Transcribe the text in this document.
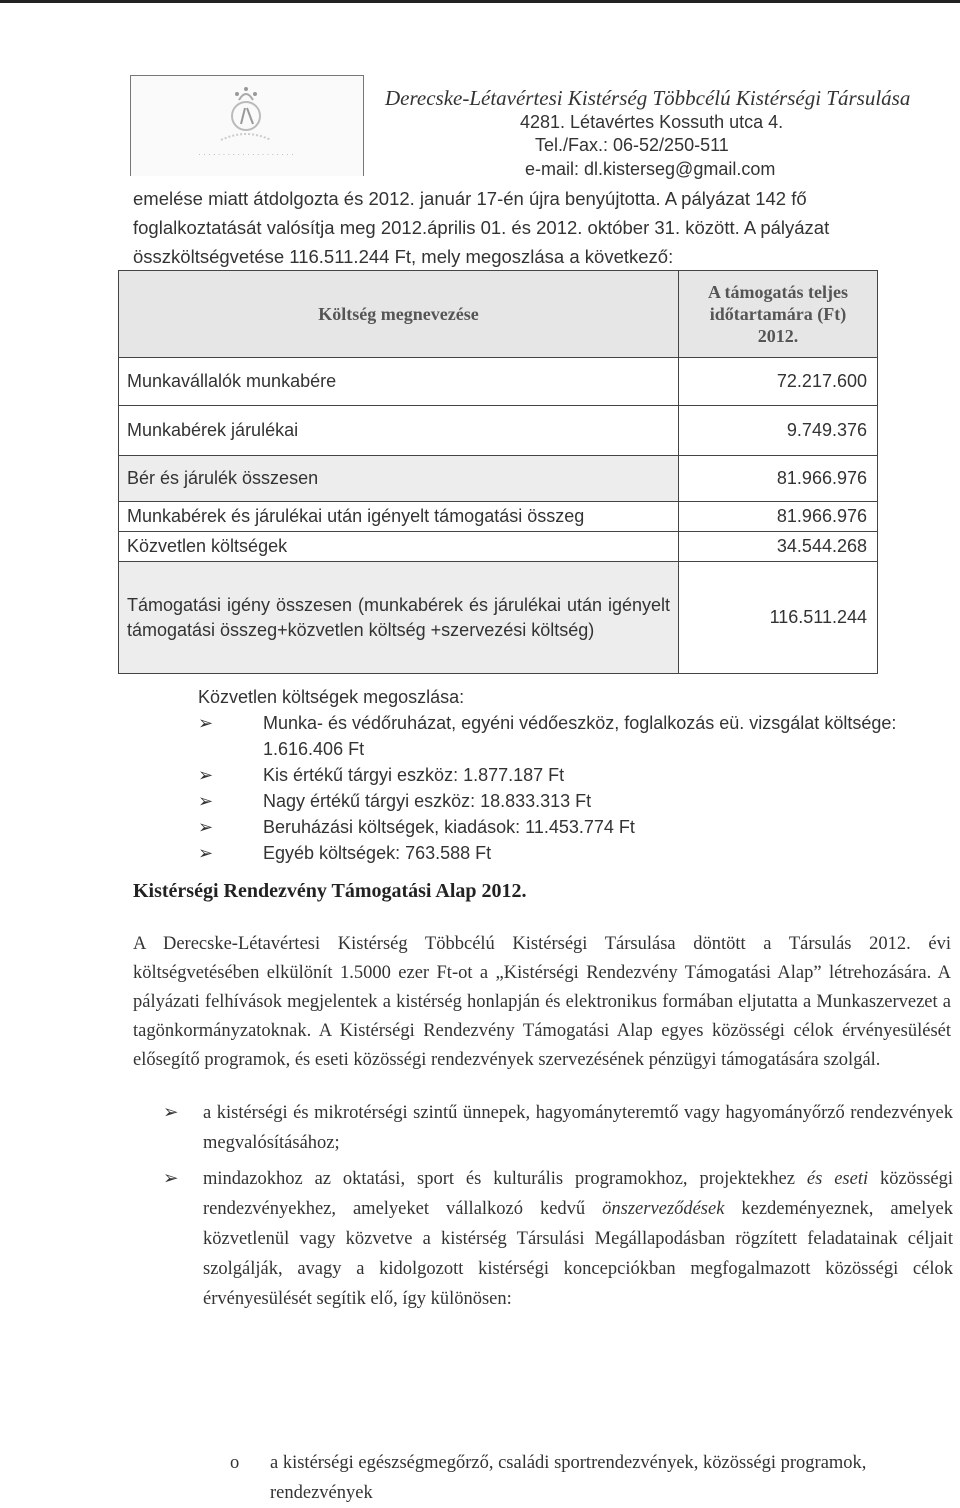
· · · · · · · · · · · · · · · · · · · ·
Derecske-Létavértesi Kistérség Többcélú Kistérségi Társulása
4281. Létavértes Kossuth utca 4.
Tel./Fax.: 06-52/250-511
e-mail: dl.kisterseg@gmail.com
emelése miatt átdolgozta és 2012. január 17-én újra benyújtotta. A pályázat 142 fő foglalkoztatását valósítja meg 2012.április 01. és 2012. október 31. között. A pályázat összköltségvetése 116.511.244 Ft, mely megoszlása a következő:
Költség megnevezése	A támogatás teljes
időtartamára (Ft)
2012.

Munkavállalók munkabére	72.217.600
Munkabérek járulékai	9.749.376
Bér és járulék összesen	81.966.976
Munkabérek és járulékai után igényelt támogatási összeg	81.966.976
Közvetlen költségek	34.544.268
Támogatási igény összesen (munkabérek és járulékai után igényelt támogatási összeg+közvetlen költség +szervezési költség)	116.511.244
Közvetlen költségek megoszlása:
➢	Munka- és védőruházat, egyéni védőeszköz, foglalkozás eü. vizsgálat költsége: 1.616.406 Ft
➢	Kis értékű tárgyi eszköz: 1.877.187 Ft
➢	Nagy értékű tárgyi eszköz: 18.833.313 Ft
➢	Beruházási költségek, kiadások: 11.453.774 Ft
➢	Egyéb költségek: 763.588 Ft
Kistérségi Rendezvény Támogatási Alap 2012.
A Derecske-Létavértesi Kistérség Többcélú Kistérségi Társulása döntött a Társulás 2012. évi költségvetésében elkülönít 1.5000 ezer Ft-ot a „Kistérségi Rendezvény Támogatási Alap” létrehozására. A pályázati felhívások megjelentek a kistérség honlapján és elektronikus formában eljutatta a Munkaszervezet a tagönkormányzatoknak. A Kistérségi Rendezvény Támogatási Alap egyes közösségi célok érvényesülését elősegítő programok, és eseti közösségi rendezvények szervezésének pénzügyi támogatására szolgál.
➢ a kistérségi és mikrotérségi szintű ünnepek, hagyományteremtő vagy hagyományőrző rendezvények megvalósításához;
➢ mindazokhoz az oktatási, sport és kulturális programokhoz, projektekhez és eseti közösségi rendezvényekhez, amelyeket vállalkozó kedvű önszerveződések kezdeményeznek, amelyek közvetlenül vagy közvetve a kistérség Társulási Megállapodásban rögzített feladatainak céljait szolgálják, avagy a kidolgozott kistérségi koncepciókban megfogalmazott közösségi célok érvényesülését segítik elő, így különösen:
o	a kistérségi egészségmegőrző, családi sportrendezvények, közösségi programok, rendezvények
